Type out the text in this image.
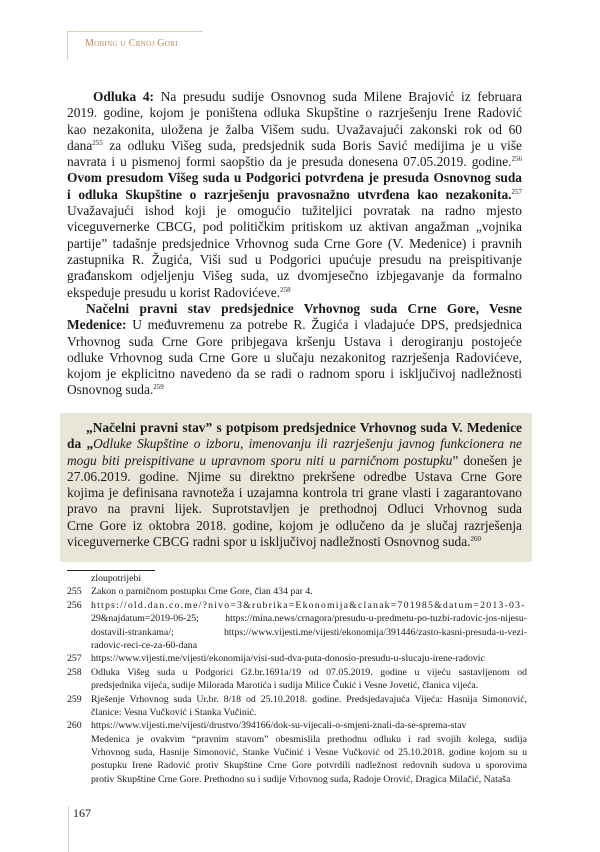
Mobing u Crnoj Gori
Odluka 4: Na presudu sudije Osnovnog suda Milene Brajović iz februara
2019. godine, kojom je poništena odluka Skupštine o razrješenju Irene Radović
kao nezakonita, uložena je žalba Višem sudu. Uvažavajući zakonski rok od 60
dana$^{255}$ za odluku Višeg suda, predsjednik suda Boris Savić medijima je u više
navrata i u pismenoj formi saopštio da je presuda donesena 07.05.2019. godine.$^{256}$
Ovom presudom Višeg suda u Podgorici potvrđena je presuda Osnovnog suda
i odluka Skupštine o razrješenju pravosnažno utvrđena kao nezakonita.$^{257}$
Uvažavajući ishod koji je omogućio tužiteljici povratak na radno mjesto
viceguvernerke CBCG, pod političkim pritiskom uz aktivan angažman „vojnika
partije” tadašnje predsjednice Vrhovnog suda Crne Gore (V. Medenice) i pravnih
zastupnika R. Žugića, Viši sud u Podgorici upućuje presudu na preispitivanje
građanskom odjeljenju Višeg suda, uz dvomjesečno izbjegavanje da formalno
ekspeduje presudu u korist Radovićeve.$^{258}$
Načelni pravni stav predsjednice Vrhovnog suda Crne Gore, Vesne
Medenice: U međuvremenu za potrebe R. Žugića i vladajuće DPS, predsjednica
Vrhovnog suda Crne Gore pribjegava kršenju Ustava i derogiranju postojeće
odluke Vrhovnog suda Crne Gore u slučaju nezakonitog razrješenja Radovićeve,
kojom je ekplicitno navedeno da se radi o radnom sporu i isključivoj nadležnosti
Osnovnog suda.$^{259}$
„Načelni pravni stav” s potpisom predsjednice Vrhovnog suda V. Medenice
da „Odluke Skupštine o izboru, imenovanju ili razrješenju javnog funkcionera ne
mogu biti preispitivane u upravnom sporu niti u parničnom postupku” donešen je
27.06.2019. godine. Njime su direktno prekršene odredbe Ustava Crne Gore
kojima je definisana ravnoteža i uzajamna kontrola tri grane vlasti i zagarantovano
pravo na pravni lijek. Suprotstavljen je prethodnoj Odluci Vrhovnog suda
Crne Gore iz oktobra 2018. godine, kojom je odlučeno da je slučaj razrješenja
viceguvernerke CBCG radni spor u isključivoj nadležnosti Osnovnog suda.$^{260}$
zloupotrijebi
255 Zakon o parničnom postupku Crne Gore, član 434 par 4.
256 https://old.dan.co.me/?nivo=3&rubrika=Ekonomija&clanak=701985&datum=2013-03-
29&najdatum=2019-06-25; https://mina.news/crnagora/presudu-u-predmetu-po-tuzbi-radovic-jos-nijesu-
dostavili-strankama/; https://www.vijesti.me/vijesti/ekonomija/391446/zasto-kasni-presuda-u-vezi-
radovic-reci-ce-za-60-dana
257 https://www.vijesti.me/vijesti/ekonomija/visi-sud-dva-puta-donosio-presudu-u-slucaju-irene-radovic
258 Odluka Višeg suda u Podgorici Gž.br.1691a/19 od 07.05.2019. godine u vijeću sastavljenom od
predsjednika vijeća, sudije Milorada Marotića i sudija Milice Čukić i Vesne Jovetić, članica vijeća.
259 Rješenje Vrhovnog suda Ur.br. 8/18 od 25.10.2018. godine. Predsjedavajuća Vijeća: Hasnija Simonović,
članice: Vesna Vučković i Stanka Vučinić.
260 https://www.vijesti.me/vijesti/drustvo/394166/dok-su-vijecali-o-smjeni-znali-da-se-sprema-stav
Medenica je ovakvim “pravnim stavom” obesmislila prethodnu odluku i rad svojih kolega, sudija
Vrhovnog suda, Hasnije Simonović, Stanke Vučinić i Vesne Vučković od 25.10.2018. godine kojom su u
postupku Irene Radović protiv Skupštine Crne Gore potvrdili nadležnost redovnih sudova u sporovima
protiv Skupštine Crne Gore. Prethodno su i sudije Vrhovnog suda, Radoje Orović, Dragica Milačić, Nataša
167
